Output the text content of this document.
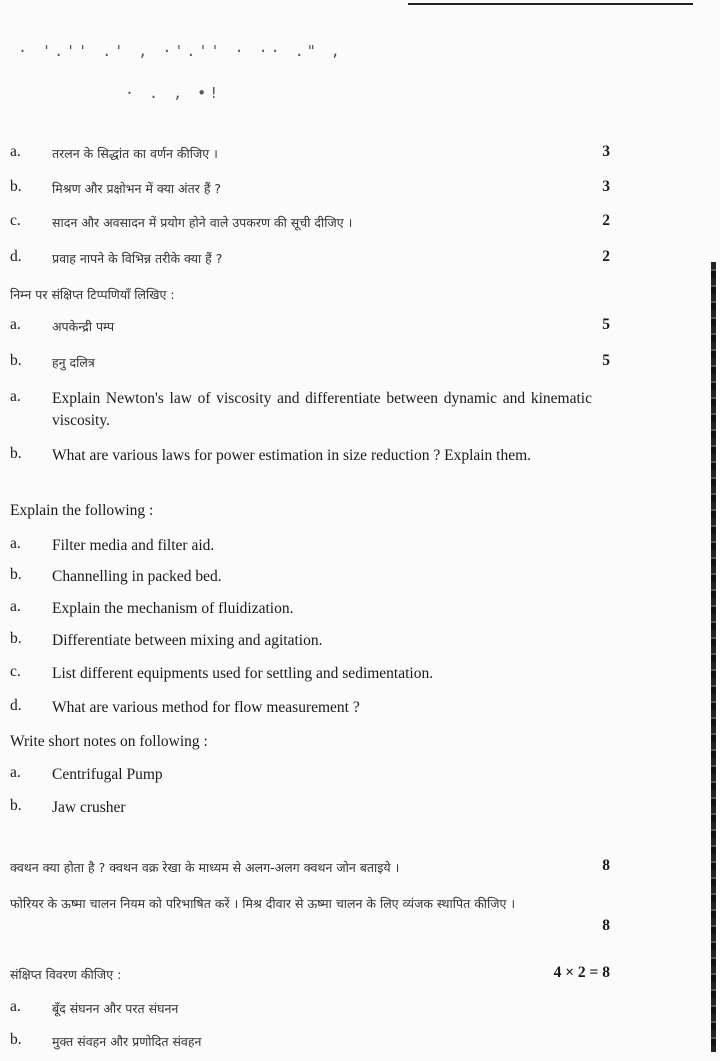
· '.'' .' , ·'.'' · ·· ." ,
· . , •!
a. तरलन के सिद्धांत का वर्णन कीजिए ।	3
b. मिश्रण और प्रक्षोभन में क्या अंतर हैं ?	3
c. सादन और अवसादन में प्रयोग होने वाले उपकरण की सूची दीजिए ।	2
d. प्रवाह नापने के विभिन्न तरीके क्या हैं ?	2
निम्न पर संक्षिप्त टिप्पणियाँ लिखिए :
a. अपकेन्द्री पम्प	5
b. हनु दलित्र	5
a. Explain Newton's law of viscosity and differentiate between dynamic and kinematic viscosity.
b. What are various laws for power estimation in size reduction ? Explain them.
Explain the following :
a. Filter media and filter aid.
b. Channelling in packed bed.
a. Explain the mechanism of fluidization.
b. Differentiate between mixing and agitation.
c. List different equipments used for settling and sedimentation.
d. What are various method for flow measurement ?
Write short notes on following :
a. Centrifugal Pump
b. Jaw crusher
क्वथन क्या होता है ? क्वथन वक्र रेखा के माध्यम से अलग-अलग क्वथन जोन बताइये ।	8
फोरियर के ऊष्मा चालन नियम को परिभाषित करें । मिश्र दीवार से ऊष्मा चालन के लिए व्यंजक स्थापित कीजिए ।
8
संक्षिप्त विवरण कीजिए :	4 × 2 = 8
a. बूँद संघनन और परत संघनन
b. मुक्त संवहन और प्रणोदित संवहन
